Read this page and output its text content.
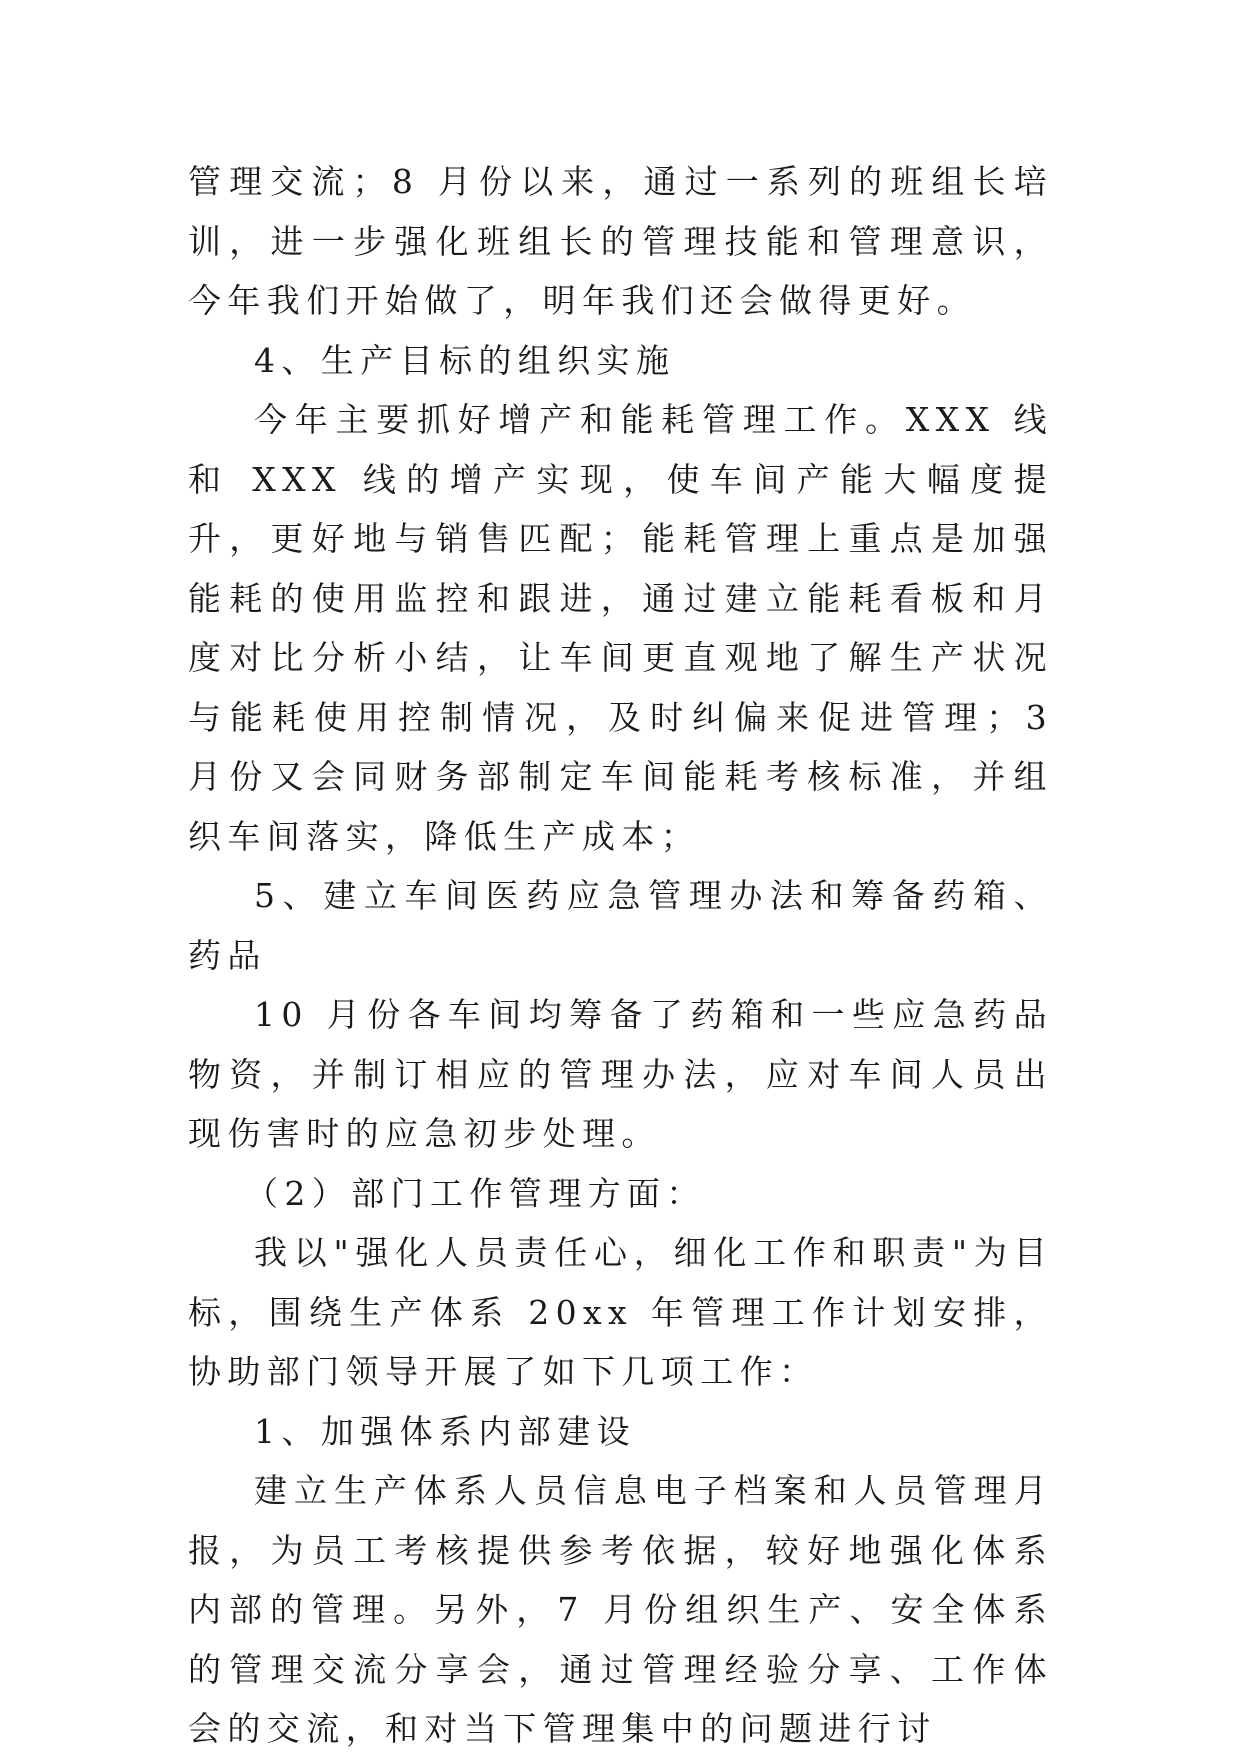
管理交流；8 月份以来，通过一系列的班组长培训，进一步强化班组长的管理技能和管理意识，今年我们开始做了，明年我们还会做得更好。

4、生产目标的组织实施

今年主要抓好增产和能耗管理工作。XXX 线和 XXX 线的增产实现，使车间产能大幅度提升，更好地与销售匹配；能耗管理上重点是加强能耗的使用监控和跟进，通过建立能耗看板和月度对比分析小结，让车间更直观地了解生产状况与能耗使用控制情况，及时纠偏来促进管理；3 月份又会同财务部制定车间能耗考核标准，并组织车间落实，降低生产成本；

5、建立车间医药应急管理办法和筹备药箱、药品

10 月份各车间均筹备了药箱和一些应急药品物资，并制订相应的管理办法，应对车间人员出现伤害时的应急初步处理。

（2）部门工作管理方面：

我以"强化人员责任心，细化工作和职责"为目标，围绕生产体系 20xx 年管理工作计划安排，协助部门领导开展了如下几项工作：

1、加强体系内部建设

建立生产体系人员信息电子档案和人员管理月报，为员工考核提供参考依据，较好地强化体系内部的管理。另外，7 月份组织生产、安全体系的管理交流分享会，通过管理经验分享、工作体会的交流，和对当下管理集中的问题进行讨
